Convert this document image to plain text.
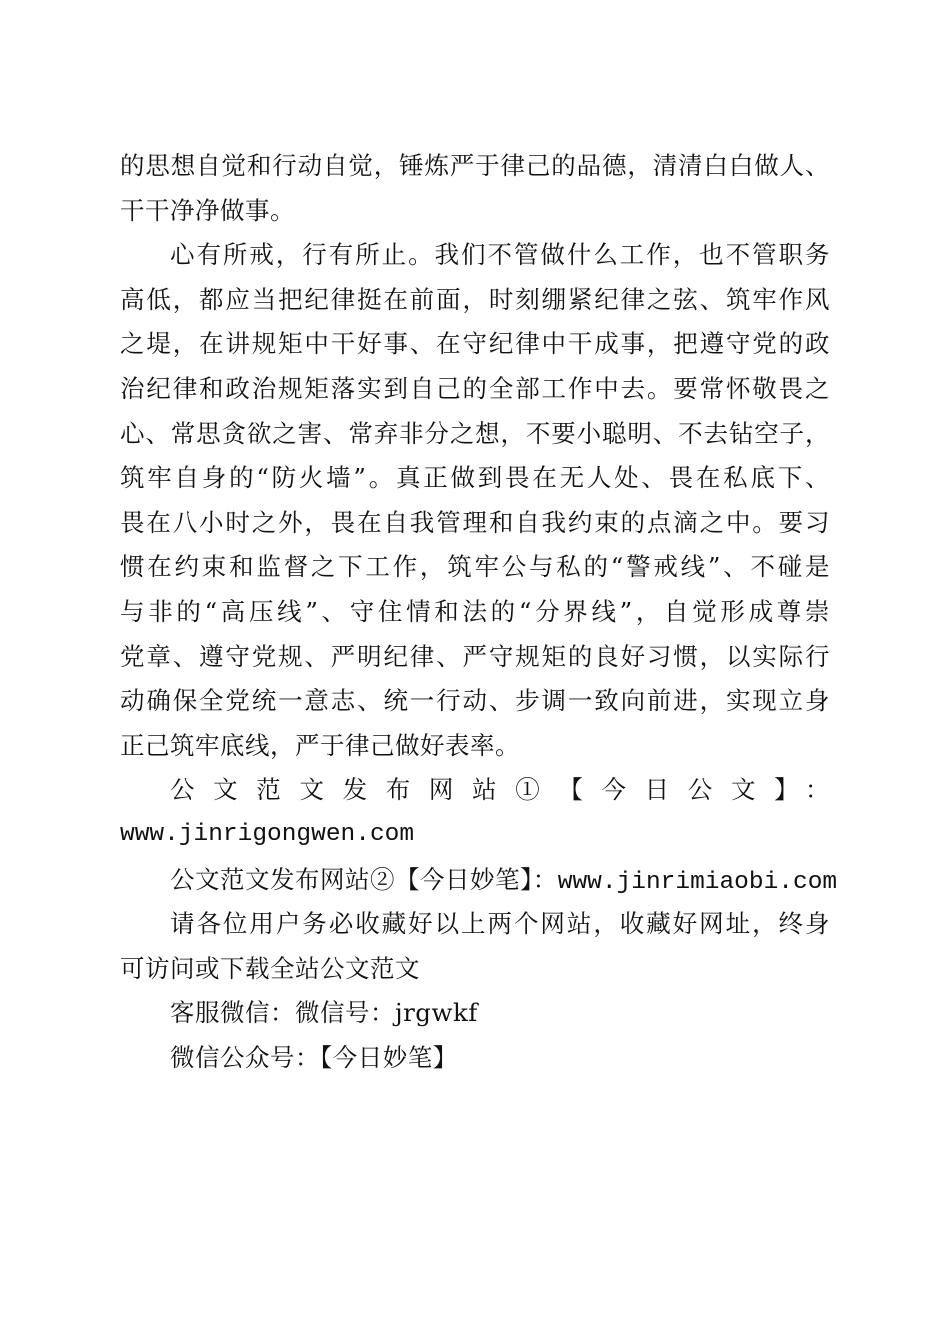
的思想自觉和行动自觉，锤炼严于律己的品德，清清白白做人、
干干净净做事。
心有所戒，行有所止。我们不管做什么工作，也不管职务
高低，都应当把纪律挺在前面，时刻绷紧纪律之弦、筑牢作风
之堤，在讲规矩中干好事、在守纪律中干成事，把遵守党的政
治纪律和政治规矩落实到自己的全部工作中去。要常怀敬畏之
心、常思贪欲之害、常弃非分之想，不要小聪明、不去钻空子，
筑牢自身的“防火墙”。真正做到畏在无人处、畏在私底下、
畏在八小时之外，畏在自我管理和自我约束的点滴之中。要习
惯在约束和监督之下工作，筑牢公与私的“警戒线”、不碰是
与非的“高压线”、守住情和法的“分界线”，自觉形成尊崇
党章、遵守党规、严明纪律、严守规矩的良好习惯，以实际行
动确保全党统一意志、统一行动、步调一致向前进，实现立身
正己筑牢底线，严于律己做好表率。
公文范文发布网站①【今日公文】：
www.jinrigongwen.com
公文范文发布网站②【今日妙笔】：www.jinrimiaobi.com
请各位用户务必收藏好以上两个网站，收藏好网址，终身
可访问或下载全站公文范文
客服微信：微信号：jrgwkf
微信公众号：【今日妙笔】
